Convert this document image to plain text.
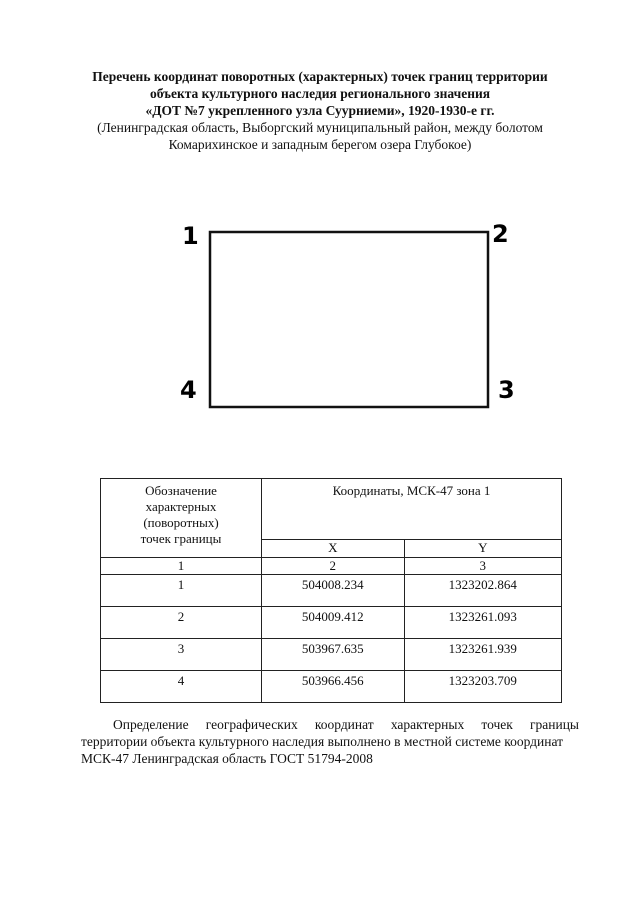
Перечень координат поворотных (характерных) точек границ территории
объекта культурного наследия регионального значения
«ДОТ №7 укрепленного узла Суурниеми», 1920-1930-е гг.
(Ленинградская область, Выборгский муниципальный район, между болотом
Комарихинское и западным берегом озера Глубокое)
1	2
3
4
Обозначение
характерных
(поворотных)
точек границы	Координаты, МСК-47 зона 1	
	X	Y
1	2	3
1	504008.234	1323202.864
2	504009.412	1323261.093
3	503967.635	1323261.939
4	503966.456	1323203.709
Определение географических координат характерных точек границы
территории объекта культурного наследия выполнено в местной системе координат
МСК-47 Ленинградская область ГОСТ 51794-2008
